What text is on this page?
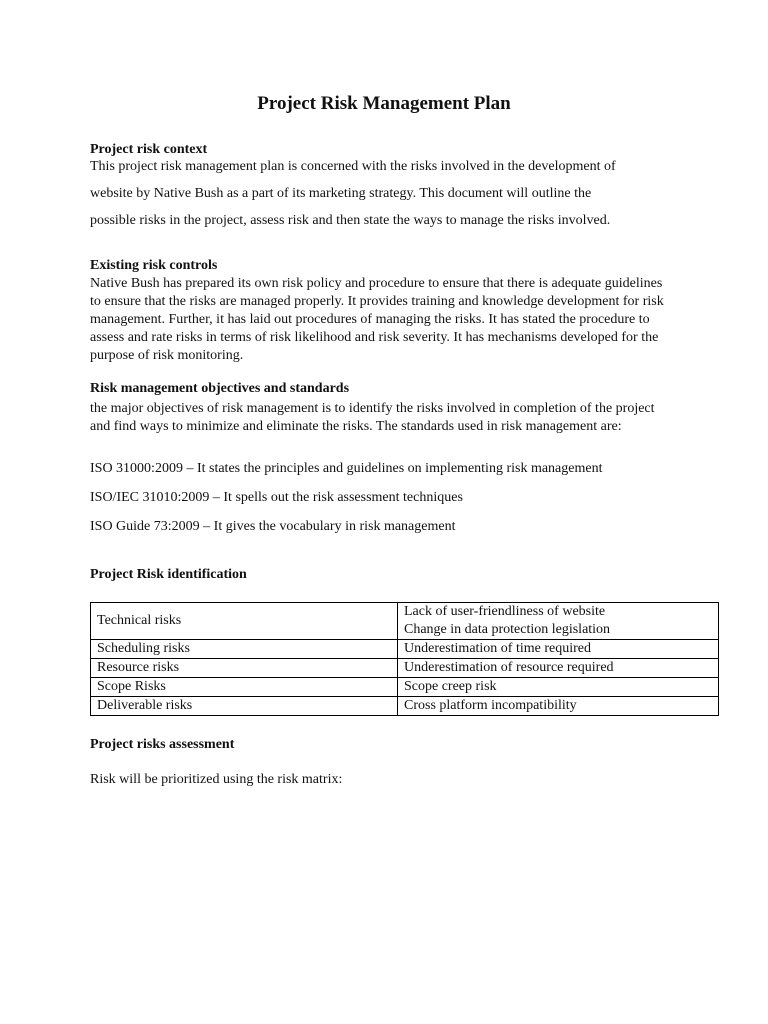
Project Risk Management Plan
Project risk context

This project risk management plan is concerned with the risks involved in the development of

website by Native Bush as a part of its marketing strategy. This document will outline the

possible risks in the project, assess risk and then state the ways to manage the risks involved.

Existing risk controls

Native Bush has prepared its own risk policy and procedure to ensure that there is adequate guidelines to ensure that the risks are managed properly. It provides training and knowledge development for risk management. Further, it has laid out procedures of managing the risks. It has stated the procedure to assess and rate risks in terms of risk likelihood and risk severity. It has mechanisms developed for the purpose of risk monitoring.

Risk management objectives and standards

the major objectives of risk management is to identify the risks involved in completion of the project and find ways to minimize and eliminate the risks. The standards used in risk management are:

ISO 31000:2009 – It states the principles and guidelines on implementing risk management

ISO/IEC 31010:2009 – It spells out the risk assessment techniques

ISO Guide 73:2009 – It gives the vocabulary in risk management

Project Risk identification
Technical risks	Lack of user-friendliness of website
Change in data protection legislation

Scheduling risks	Underestimation of time required
Resource risks	Underestimation of resource required
Scope Risks	Scope creep risk
Deliverable risks	Cross platform incompatibility
Project risks assessment

Risk will be prioritized using the risk matrix:
